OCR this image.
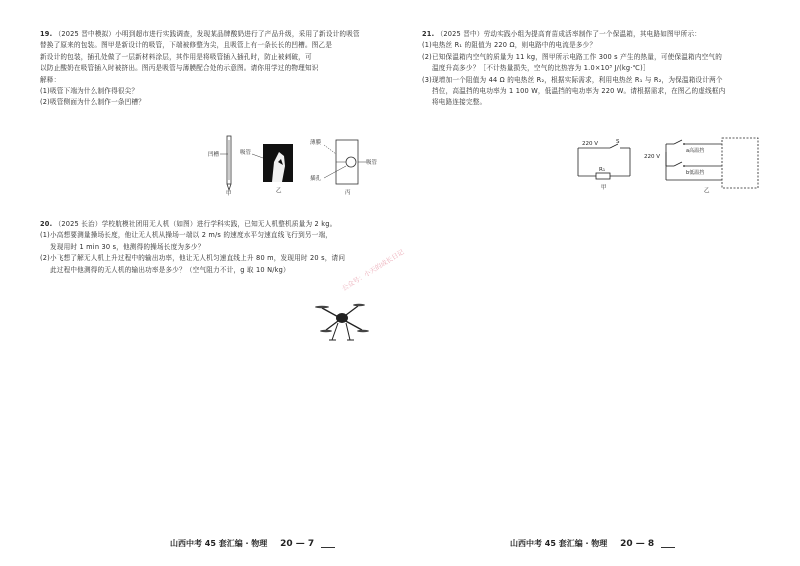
19. （2025 晋中模拟）小明到超市进行实践调查，发现某品牌酸奶进行了产品升级，采用了新设计的吸管

替换了原来的包装。图甲是新设计的吸管，下端被修整为尖，且吸管上有一条长长的凹槽。图乙是

新设计的包装，插孔处做了一层新材料涂层，其作用是将吸管插入插孔时，防止被刺破，可

以防止酸奶在吸管插入时被挤出。图丙是吸管与薄膜配合处的示意图。请你用学过的物理知识

解释：

(1)吸管下端为什么制作得很尖？

(2)吸管侧面为什么制作一条凹槽？

凹槽
甲
吸管
乙
薄膜
吸管
插孔
丙

20. （2025 长治）学校航模社团用无人机（如图）进行学科实践，已知无人机整机质量为 2 kg。

(1)小高想要测量操场长度，他让无人机从操场一端以 2 m/s 的速度水平匀速直线飞行到另一端，

发现用时 1 min 30 s，他测得的操场长度为多少？

(2)小飞想了解无人机上升过程中的输出功率，他让无人机匀速直线上升 80 m，发现用时 20 s，请问

此过程中他测得的无人机的输出功率是多少？（空气阻力不计，g 取 10 N/kg）

山西中考 45 套汇编 · 物理 20 — 7
公众号：小天的成长日记

21. （2025 晋中）劳动实践小组为提高育苗成活率制作了一个保温箱，其电路如图甲所示：

(1)电热丝 R₁ 的阻值为 220 Ω，则电路中的电流是多少？

(2)已知保温箱内空气的质量为 11 kg，图甲所示电路工作 300 s 产生的热量，可使保温箱内空气的

温度升高多少？［不计热量损失，空气的比热容为 1.0×10³ J/(kg·℃)］

(3)现增加一个阻值为 44 Ω 的电热丝 R₂，根据实际需求，利用电热丝 R₁ 与 R₂，为保温箱设计两个

挡位，高温挡的电功率为 1 100 W，低温挡的电功率为 220 W。请根据需求，在图乙的虚线框内

将电路连接完整。

220 V	S
R₁
甲
220 V
a高温挡
b低温挡
乙
山西中考 45 套汇编 · 物理 20 — 8
